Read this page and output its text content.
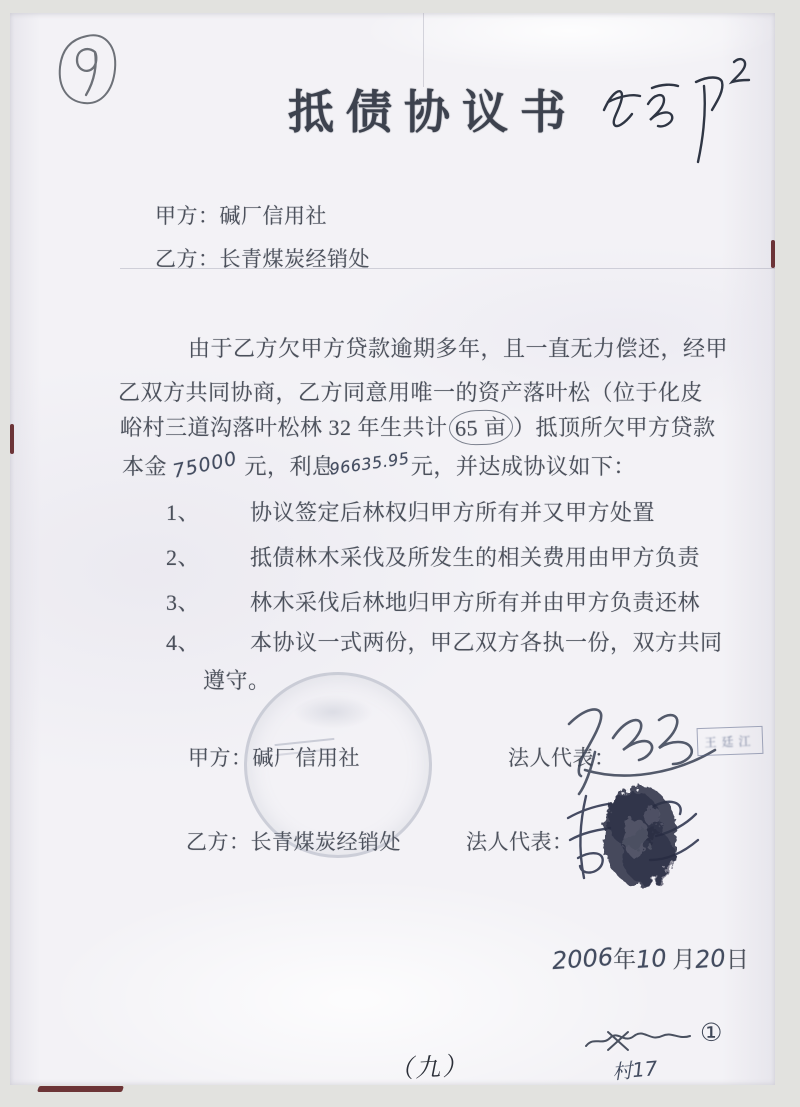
抵债协议书
甲方：碱厂信用社
乙方：长青煤炭经销处
由于乙方欠甲方贷款逾期多年，且一直无力偿还，经甲
乙双方共同协商，乙方同意用唯一的资产落叶松（位于化皮
峪村三道沟落叶松林 32 年生共计 65 亩 ）抵顶所欠甲方贷款
本金 75000 元，利息96635.95元，并达成协议如下：
1、	协议签定后林权归甲方所有并又甲方处置
2、	抵债林木采伐及所发生的相关费用由甲方负责
3、	林木采伐后林地归甲方所有并由甲方负责还林
4、	本协议一式两份，甲乙双方各执一份，双方共同
遵守。
甲方：碱厂信用社	法人代表：
王廷江
乙方：长青煤炭经销处	法人代表：
2006年10 月20日
①
村17
（九）
